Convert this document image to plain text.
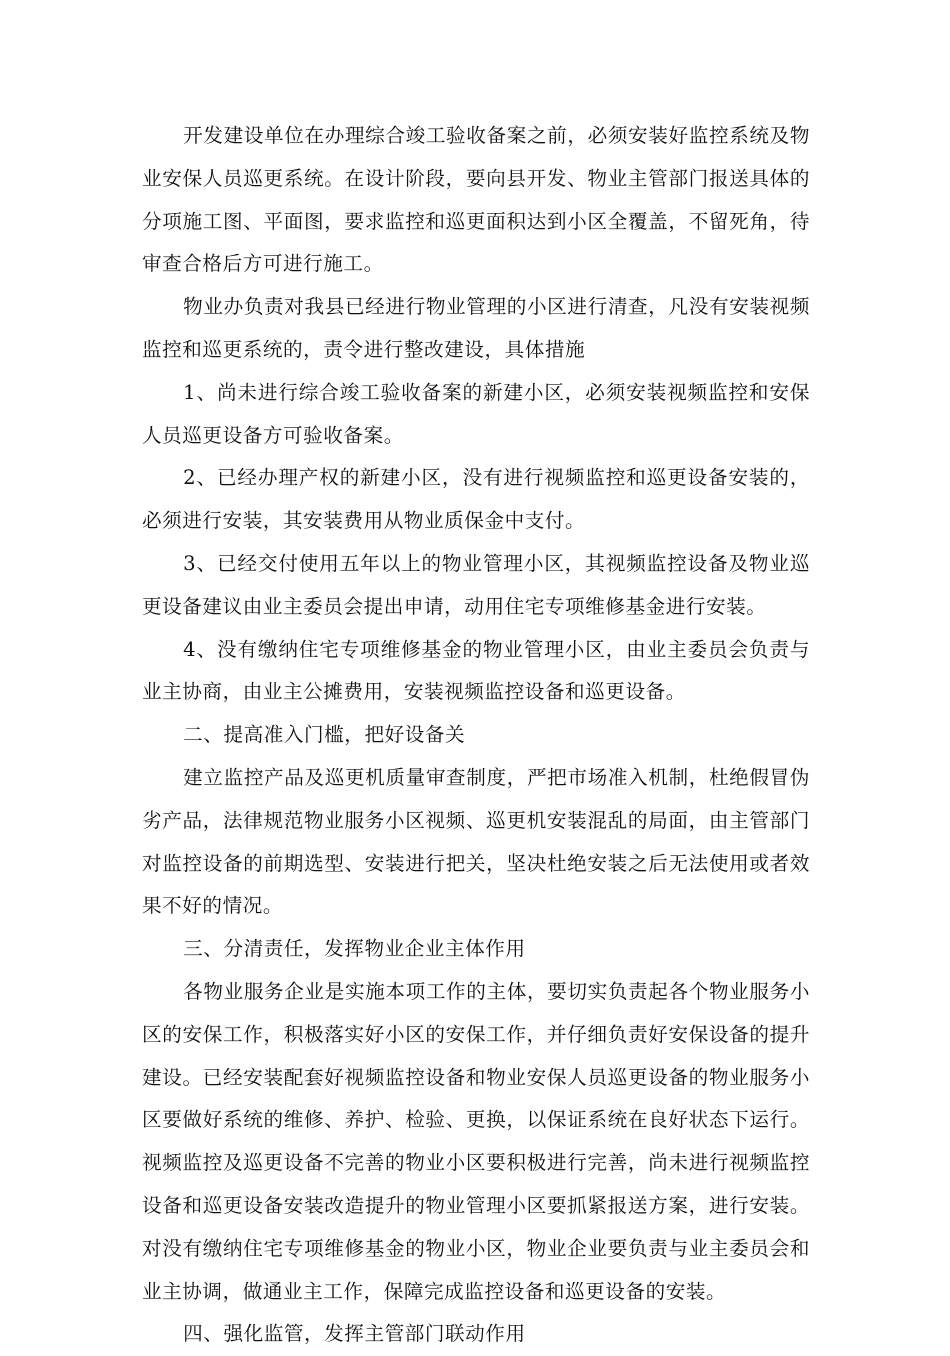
开发建设单位在办理综合竣工验收备案之前，必须安装好监控系统及物业安保人员巡更系统。在设计阶段，要向县开发、物业主管部门报送具体的分项施工图、平面图，要求监控和巡更面积达到小区全覆盖，不留死角，待审查合格后方可进行施工。

物业办负责对我县已经进行物业管理的小区进行清查，凡没有安装视频监控和巡更系统的，责令进行整改建设，具体措施

1、尚未进行综合竣工验收备案的新建小区，必须安装视频监控和安保人员巡更设备方可验收备案。

2、已经办理产权的新建小区，没有进行视频监控和巡更设备安装的，必须进行安装，其安装费用从物业质保金中支付。

3、已经交付使用五年以上的物业管理小区，其视频监控设备及物业巡更设备建议由业主委员会提出申请，动用住宅专项维修基金进行安装。

4、没有缴纳住宅专项维修基金的物业管理小区，由业主委员会负责与业主协商，由业主公摊费用，安装视频监控设备和巡更设备。

二、提高准入门槛，把好设备关

建立监控产品及巡更机质量审查制度，严把市场准入机制，杜绝假冒伪劣产品，法律规范物业服务小区视频、巡更机安装混乱的局面，由主管部门对监控设备的前期选型、安装进行把关，坚决杜绝安装之后无法使用或者效果不好的情况。

三、分清责任，发挥物业企业主体作用

各物业服务企业是实施本项工作的主体，要切实负责起各个物业服务小区的安保工作，积极落实好小区的安保工作，并仔细负责好安保设备的提升建设。已经安装配套好视频监控设备和物业安保人员巡更设备的物业服务小区要做好系统的维修、养护、检验、更换，以保证系统在良好状态下运行。视频监控及巡更设备不完善的物业小区要积极进行完善，尚未进行视频监控设备和巡更设备安装改造提升的物业管理小区要抓紧报送方案，进行安装。对没有缴纳住宅专项维修基金的物业小区，物业企业要负责与业主委员会和业主协调，做通业主工作，保障完成监控设备和巡更设备的安装。

四、强化监管，发挥主管部门联动作用
